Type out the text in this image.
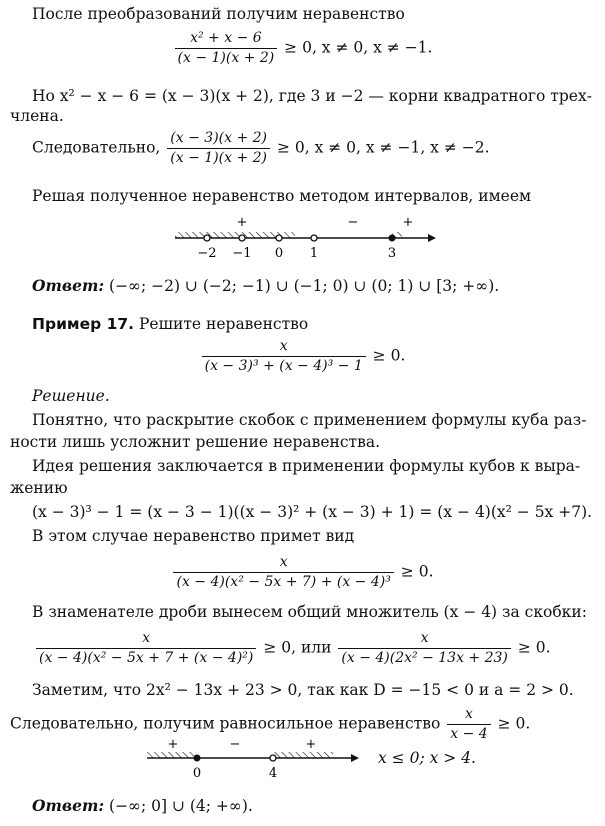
После преобразований получим неравенство
$\frac{\text{x² + x − 6}}{(x - 1)(x + 2)} \ge 0$, x ≠ 0, x ≠ −1.
Но x² − x − 6 = (x − 3)(x + 2), где 3 и −2 — корни квадратного трех-
члена.
Следовательно, $\frac{(x - 3)(x + 2)}{(x - 1)(x + 2)} \ge 0$, x ≠ 0, x ≠ −1, x ≠ −2.
Решая полученное неравенство методом интервалов, имеем
−2 −1 0 1	3
+	−	+
Ответ: (−∞; −2) ∪ (−2; −1) ∪ (−1; 0) ∪ (0; 1) ∪ [3; +∞).
Пример 17. Решите неравенство
$\frac{x}{\text{(x − 3)³ + (x − 4)³ − 1}} \ge 0$.
Решение.
Понятно, что раскрытие скобок с применением формулы куба раз-
ности лишь усложнит решение неравенства.
Идея решения заключается в применении формулы кубов к выра-
жению
(x − 3)³ − 1 = (x − 3 − 1)((x − 3)² + (x − 3) + 1) = (x − 4)(x² − 5x +7).
В этом случае неравенство примет вид
$\frac{x}{\text{(x − 4)(x² − 5x + 7) + (x − 4)³}} \ge 0$.
В знаменателе дроби вынесем общий множитель (x − 4) за скобки:
$\frac{x}{\text{(x − 4)(x² − 5x + 7 + (x − 4)²)}} \ge 0$, или $\frac{x}{\text{(x − 4)(2x² − 13x + 23)}} \ge 0$.
Заметим, что 2x² − 13x + 23 > 0, так как D = −15 < 0 и a = 2 > 0.
Следовательно, получим равносильное неравенство $\frac{x}{x - 4} \ge 0$.
0	4
+	−	+
x ≤ 0; x > 4.
Ответ: (−∞; 0] ∪ (4; +∞).
